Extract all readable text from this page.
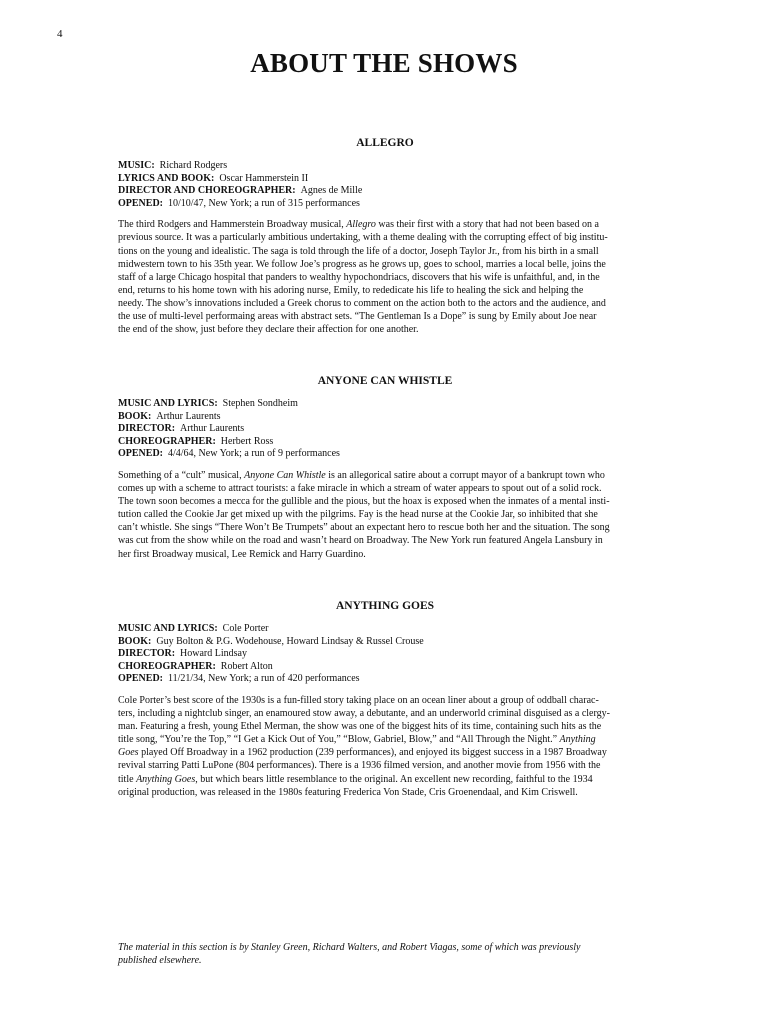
4
ABOUT THE SHOWS
ALLEGRO
MUSIC: Richard Rodgers
LYRICS AND BOOK: Oscar Hammerstein II
DIRECTOR AND CHOREOGRAPHER: Agnes de Mille
OPENED: 10/10/47, New York; a run of 315 performances
The third Rodgers and Hammerstein Broadway musical, Allegro was their first with a story that had not been based on a
previous source. It was a particularly ambitious undertaking, with a theme dealing with the corrupting effect of big institu-
tions on the young and idealistic. The saga is told through the life of a doctor, Joseph Taylor Jr., from his birth in a small
midwestern town to his 35th year. We follow Joe’s progress as he grows up, goes to school, marries a local belle, joins the
staff of a large Chicago hospital that panders to wealthy hypochondriacs, discovers that his wife is unfaithful, and, in the
end, returns to his home town with his adoring nurse, Emily, to rededicate his life to healing the sick and helping the
needy. The show’s innovations included a Greek chorus to comment on the action both to the actors and the audience, and
the use of multi-level performaing areas with abstract sets. “The Gentleman Is a Dope” is sung by Emily about Joe near
the end of the show, just before they declare their affection for one another.
ANYONE CAN WHISTLE
MUSIC AND LYRICS: Stephen Sondheim
BOOK: Arthur Laurents
DIRECTOR: Arthur Laurents
CHOREOGRAPHER: Herbert Ross
OPENED: 4/4/64, New York; a run of 9 performances
Something of a “cult” musical, Anyone Can Whistle is an allegorical satire about a corrupt mayor of a bankrupt town who
comes up with a scheme to attract tourists: a fake miracle in which a stream of water appears to spout out of a solid rock.
The town soon becomes a mecca for the gullible and the pious, but the hoax is exposed when the inmates of a mental insti-
tution called the Cookie Jar get mixed up with the pilgrims. Fay is the head nurse at the Cookie Jar, so inhibited that she
can’t whistle. She sings “There Won’t Be Trumpets” about an expectant hero to rescue both her and the situation. The song
was cut from the show while on the road and wasn’t heard on Broadway. The New York run featured Angela Lansbury in
her first Broadway musical, Lee Remick and Harry Guardino.
ANYTHING GOES
MUSIC AND LYRICS: Cole Porter
BOOK: Guy Bolton & P.G. Wodehouse, Howard Lindsay & Russel Crouse
DIRECTOR: Howard Lindsay
CHOREOGRAPHER: Robert Alton
OPENED: 11/21/34, New York; a run of 420 performances
Cole Porter’s best score of the 1930s is a fun-filled story taking place on an ocean liner about a group of oddball charac-
ters, including a nightclub singer, an enamoured stow away, a debutante, and an underworld criminal disguised as a clergy-
man. Featuring a fresh, young Ethel Merman, the show was one of the biggest hits of its time, containing such hits as the
title song, “You’re the Top,” “I Get a Kick Out of You,” “Blow, Gabriel, Blow,” and “All Through the Night.” Anything
Goes played Off Broadway in a 1962 production (239 performances), and enjoyed its biggest success in a 1987 Broadway
revival starring Patti LuPone (804 performances). There is a 1936 filmed version, and another movie from 1956 with the
title Anything Goes, but which bears little resemblance to the original. An excellent new recording, faithful to the 1934
original production, was released in the 1980s featuring Frederica Von Stade, Cris Groenendaal, and Kim Criswell.
The material in this section is by Stanley Green, Richard Walters, and Robert Viagas, some of which was previously
published elsewhere.
